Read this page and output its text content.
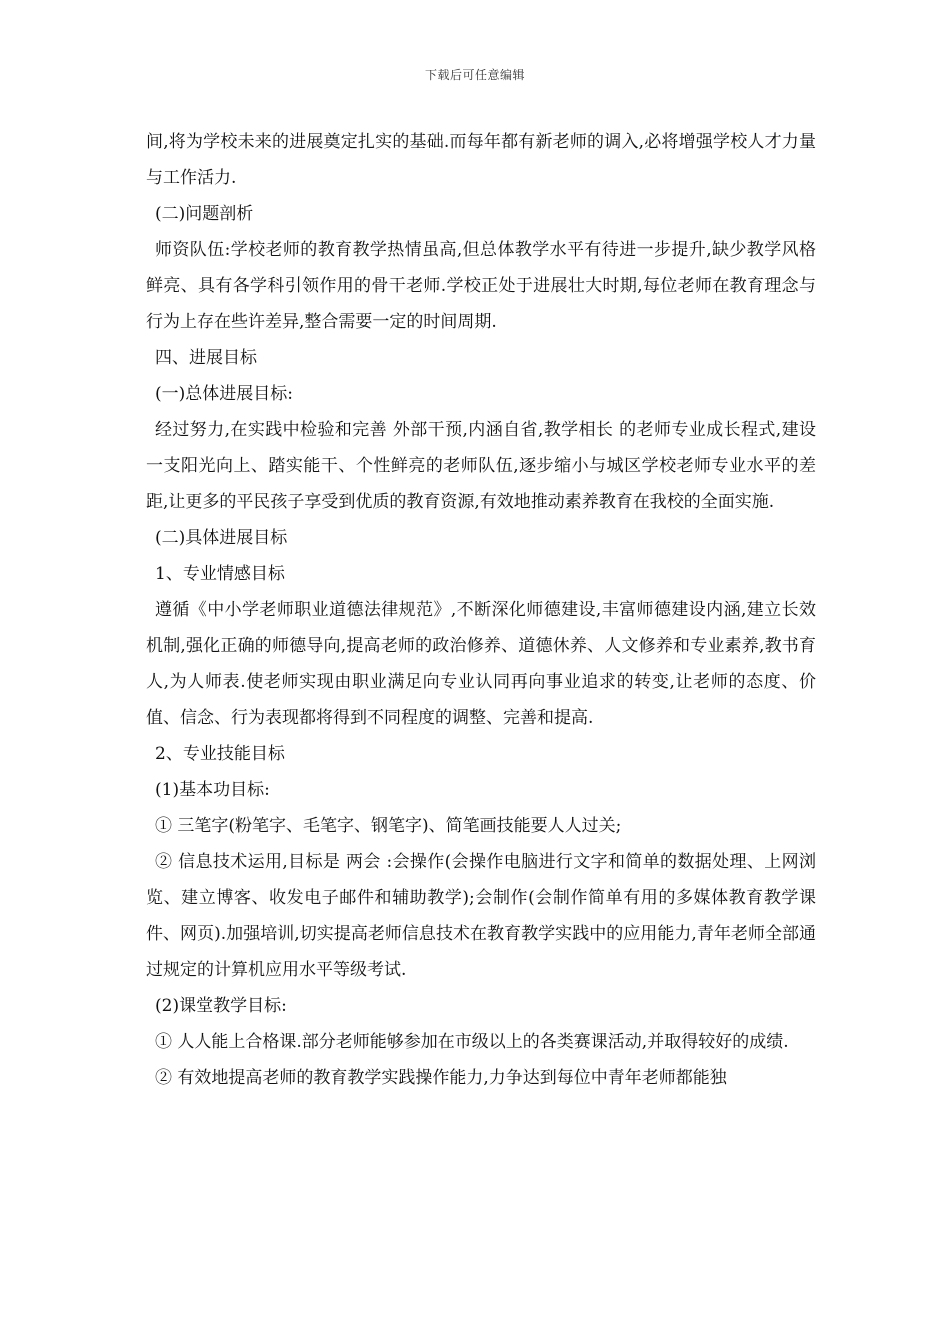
下载后可任意编辑

间,将为学校未来的进展奠定扎实的基础.而每年都有新老师的调入,必将增强学校人才力量与工作活力.

(二)问题剖析

师资队伍:学校老师的教育教学热情虽高,但总体教学水平有待进一步提升,缺少教学风格鲜亮、具有各学科引领作用的骨干老师.学校正处于进展壮大时期,每位老师在教育理念与行为上存在些许差异,整合需要一定的时间周期.

四、进展目标

(一)总体进展目标:

经过努力,在实践中检验和完善 外部干预,内涵自省,教学相长 的老师专业成长程式,建设一支阳光向上、踏实能干、个性鲜亮的老师队伍,逐步缩小与城区学校老师专业水平的差距,让更多的平民孩子享受到优质的教育资源,有效地推动素养教育在我校的全面实施.

(二)具体进展目标

1、专业情感目标

遵循《中小学老师职业道德法律规范》,不断深化师德建设,丰富师德建设内涵,建立长效机制,强化正确的师德导向,提高老师的政治修养、道德休养、人文修养和专业素养,教书育人,为人师表.使老师实现由职业满足向专业认同再向事业追求的转变,让老师的态度、价值、信念、行为表现都将得到不同程度的调整、完善和提高.

2、专业技能目标

(1)基本功目标:

① 三笔字(粉笔字、毛笔字、钢笔字)、简笔画技能要人人过关;

② 信息技术运用,目标是 两会 :会操作(会操作电脑进行文字和简单的数据处理、上网浏览、建立博客、收发电子邮件和辅助教学);会制作(会制作简单有用的多媒体教育教学课件、网页).加强培训,切实提高老师信息技术在教育教学实践中的应用能力,青年老师全部通过规定的计算机应用水平等级考试.

(2)课堂教学目标:

① 人人能上合格课.部分老师能够参加在市级以上的各类赛课活动,并取得较好的成绩.

② 有效地提高老师的教育教学实践操作能力,力争达到每位中青年老师都能独
